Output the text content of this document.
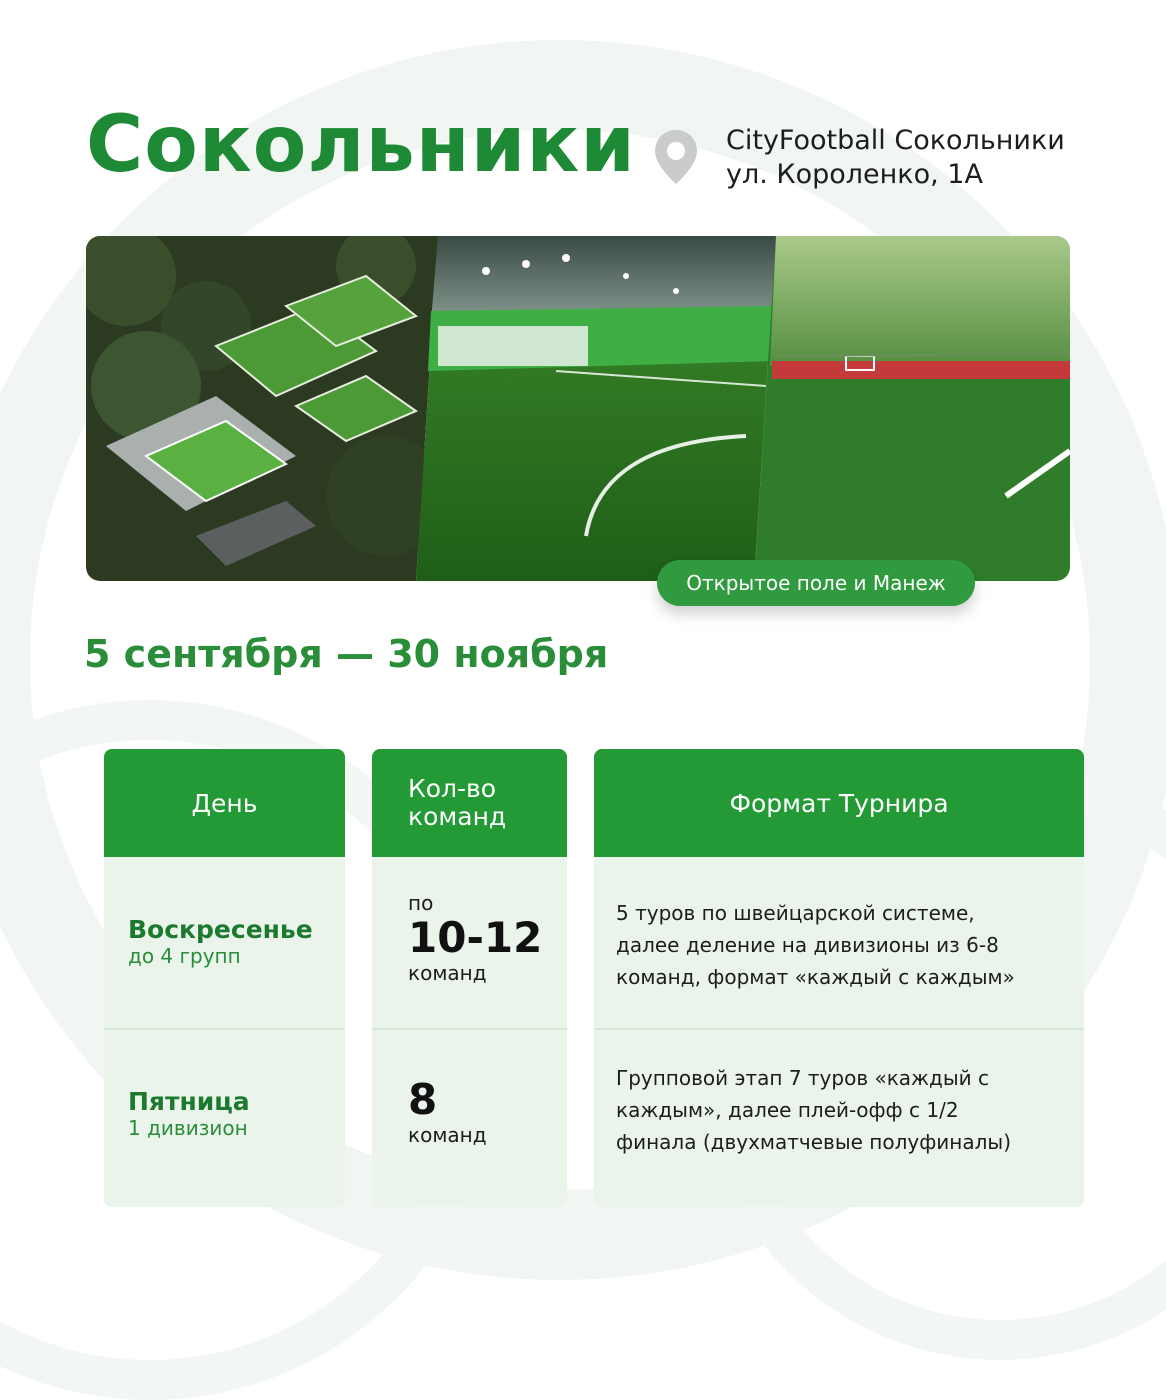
Сокольники	CityFootball Сокольники
ул. Короленко, 1А
Открытое поле и Манеж
5 сентября — 30 ноября
День
Воскресенье
до 4 групп
Пятница
1 дивизион
Кол-во
команд
по
10-12
команд
8
команд
Формат Турнира
5 туров по швейцарской системе,
далее деление на дивизионы из 6-8
команд, формат «каждый с каждым»
Групповой этап 7 туров «каждый с
каждым», далее плей-офф с 1/2
финала (двухматчевые полуфиналы)
